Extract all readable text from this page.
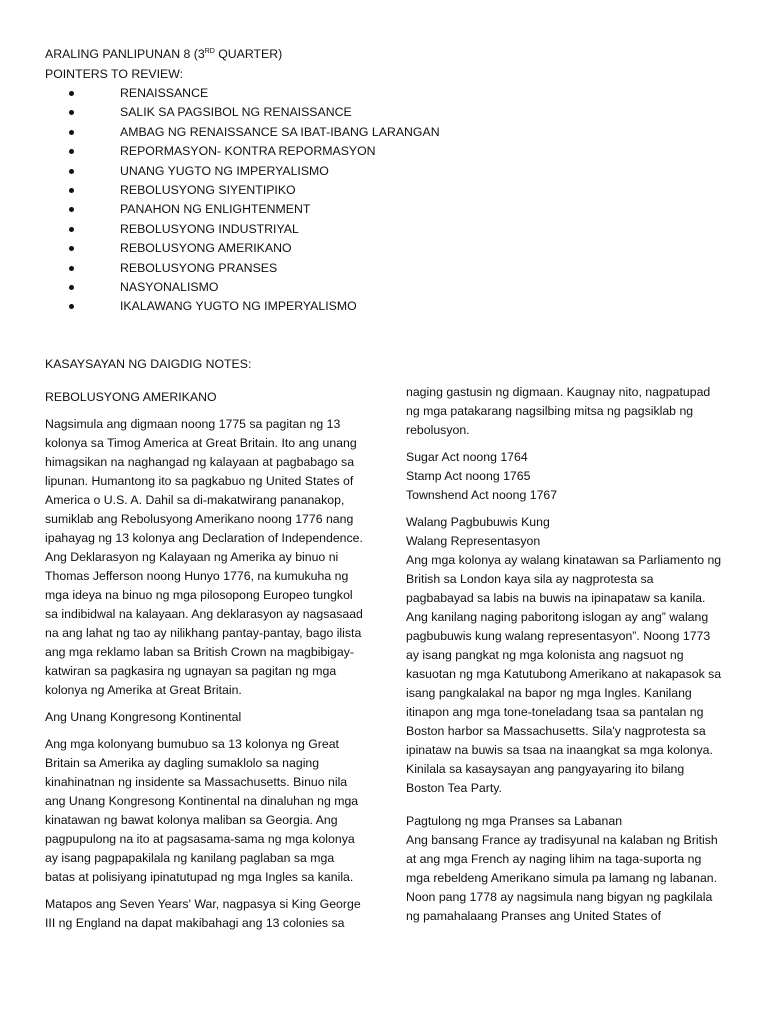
ARALING PANLIPUNAN 8 (3RD QUARTER)

POINTERS TO REVIEW:

RENAISSANCE
SALIK SA PAGSIBOL NG RENAISSANCE
AMBAG NG RENAISSANCE SA IBAT-IBANG LARANGAN
REPORMASYON- KONTRA REPORMASYON
UNANG YUGTO NG IMPERYALISMO
REBOLUSYONG SIYENTIPIKO
PANAHON NG ENLIGHTENMENT
REBOLUSYONG INDUSTRIYAL
REBOLUSYONG AMERIKANO
REBOLUSYONG PRANSES
NASYONALISMO
IKALAWANG YUGTO NG IMPERYALISMO

KASAYSAYAN NG DAIGDIG NOTES:

REBOLUSYONG AMERIKANO

Nagsimula ang digmaan noong 1775 sa pagitan ng 13 kolonya sa Timog America at Great Britain. Ito ang unang himagsikan na naghangad ng kalayaan at pagbabago sa lipunan. Humantong ito sa pagkabuo ng United States of America o U.S. A. Dahil sa di-makatwirang pananakop, sumiklab ang Rebolusyong Amerikano noong 1776 nang ipahayag ng 13 kolonya ang Declaration of Independence. Ang Deklarasyon ng Kalayaan ng Amerika ay binuo ni Thomas Jefferson noong Hunyo 1776, na kumukuha ng mga ideya na binuo ng mga pilosopong Europeo tungkol sa indibidwal na kalayaan. Ang deklarasyon ay nagsasaad na ang lahat ng tao ay nilikhang pantay-pantay, bago ilista ang mga reklamo laban sa British Crown na magbibigay-katwiran sa pagkasira ng ugnayan sa pagitan ng mga kolonya ng Amerika at Great Britain.

Ang Unang Kongresong Kontinental

Ang mga kolonyang bumubuo sa 13 kolonya ng Great Britain sa Amerika ay dagling sumaklolo sa naging kinahinatnan ng insidente sa Massachusetts. Binuo nila ang Unang Kongresong Kontinental na dinaluhan ng mga kinatawan ng bawat kolonya maliban sa Georgia. Ang pagpupulong na ito at pagsasama-sama ng mga kolonya ay isang pagpapakilala ng kanilang paglaban sa mga batas at polisiyang ipinatutupad ng mga Ingles sa kanila.

Matapos ang Seven Years' War, nagpasya si King George III ng England na dapat makibahagi ang 13 colonies sa

naging gastusin ng digmaan. Kaugnay nito, nagpatupad ng mga patakarang nagsilbing mitsa ng pagsiklab ng rebolusyon.

Sugar Act noong 1764
Stamp Act noong 1765
Townshend Act noong 1767

Walang Pagbubuwis Kung
Walang Representasyon

Ang mga kolonya ay walang kinatawan sa Parliamento ng British sa London kaya sila ay nagprotesta sa pagbabayad sa labis na buwis na ipinapataw sa kanila. Ang kanilang naging paboritong islogan ay ang” walang pagbubuwis kung walang representasyon”. Noong 1773 ay isang pangkat ng mga kolonista ang nagsuot ng kasuotan ng mga Katutubong Amerikano at nakapasok sa isang pangkalakal na bapor ng mga Ingles. Kanilang itinapon ang mga tone-toneladang tsaa sa pantalan ng Boston harbor sa Massachusetts. Sila'y nagprotesta sa ipinataw na buwis sa tsaa na inaangkat sa mga kolonya. Kinilala sa kasaysayan ang pangyayaring ito bilang Boston Tea Party.

Pagtulong ng mga Pranses sa Labanan

Ang bansang France ay tradisyunal na kalaban ng British at ang mga French ay naging lihim na taga-suporta ng mga rebeldeng Amerikano simula pa lamang ng labanan. Noon pang 1778 ay nagsimula nang bigyan ng pagkilala ng pamahalaang Pranses ang United States of
